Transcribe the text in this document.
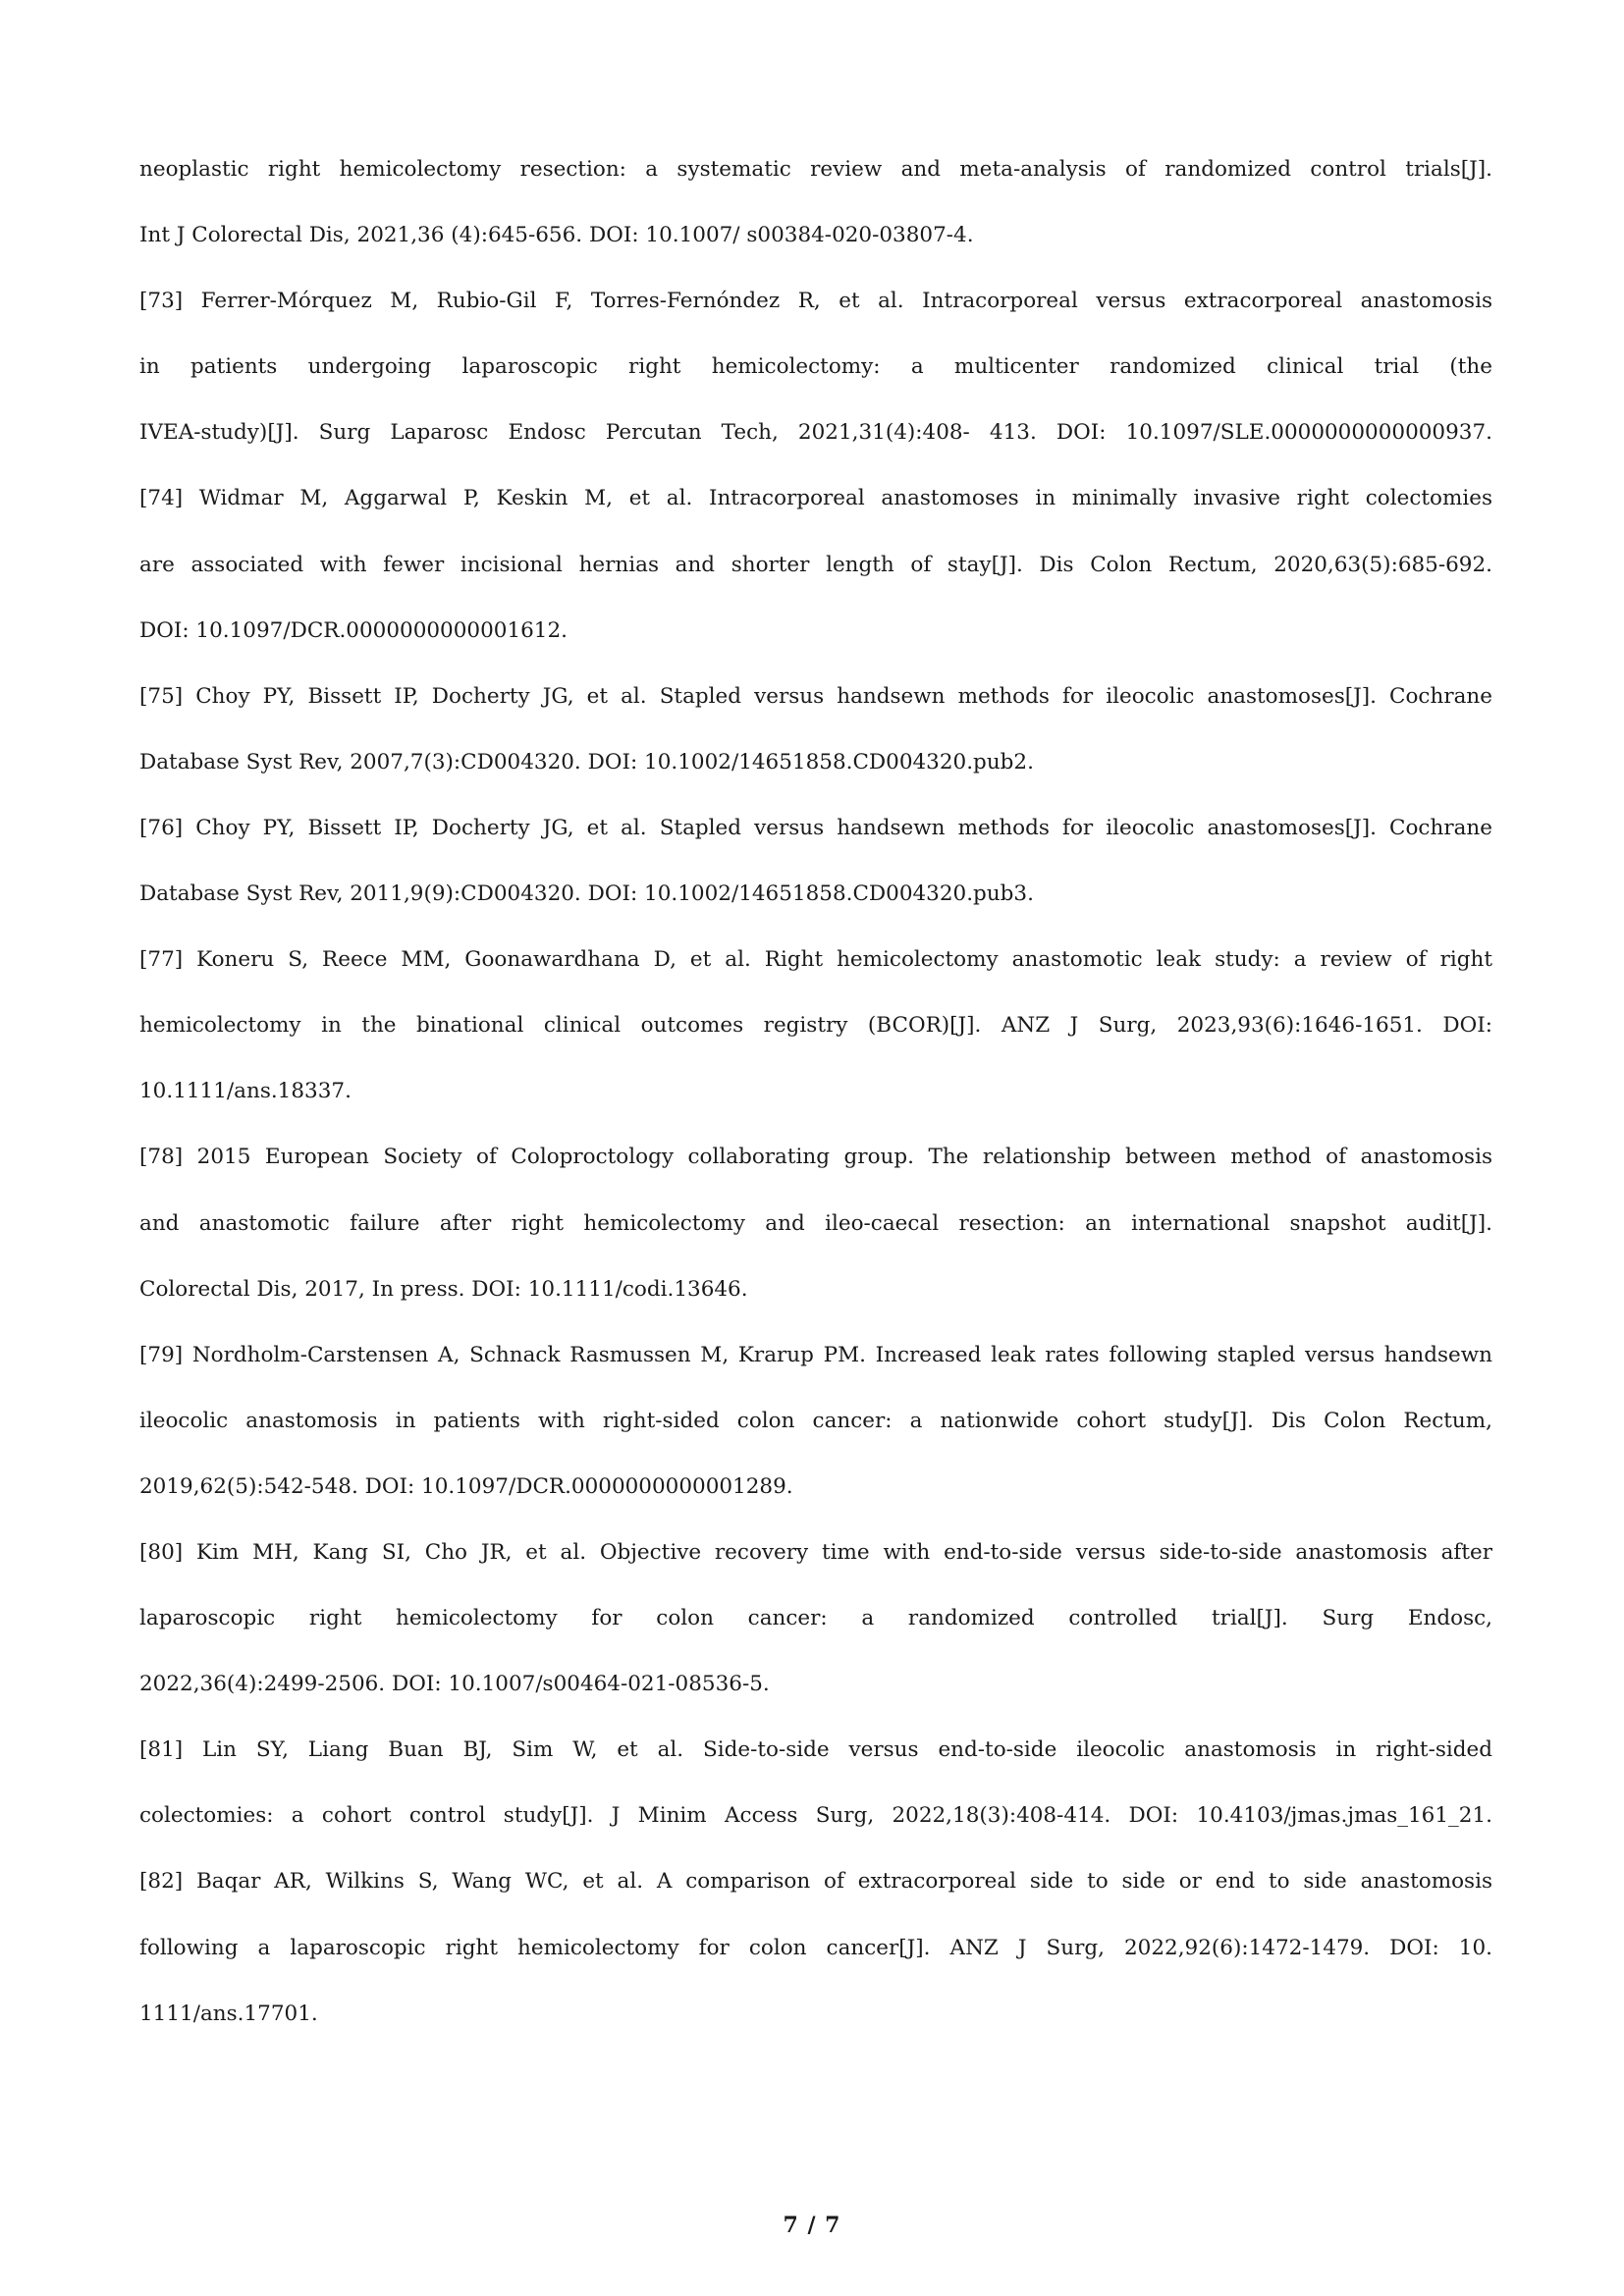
neoplastic right hemicolectomy resection: a systematic review and meta-analysis of randomized control trials[J].
Int J Colorectal Dis, 2021,36 (4):645-656. DOI: 10.1007/ s00384-020-03807-4.
[73] Ferrer-Mórquez M, Rubio-Gil F, Torres-Fernóndez R, et al. Intracorporeal versus extracorporeal anastomosis
in patients undergoing laparoscopic right hemicolectomy: a multicenter randomized clinical trial (the
IVEA-study)[J]. Surg Laparosc Endosc Percutan Tech, 2021,31(4):408- 413. DOI: 10.1097/SLE.0000000000000937.
[74] Widmar M, Aggarwal P, Keskin M, et al. Intracorporeal anastomoses in minimally invasive right colectomies
are associated with fewer incisional hernias and shorter length of stay[J]. Dis Colon Rectum, 2020,63(5):685-692.
DOI: 10.1097/DCR.0000000000001612.
[75] Choy PY, Bissett IP, Docherty JG, et al. Stapled versus handsewn methods for ileocolic anastomoses[J]. Cochrane
Database Syst Rev, 2007,7(3):CD004320. DOI: 10.1002/14651858.CD004320.pub2.
[76] Choy PY, Bissett IP, Docherty JG, et al. Stapled versus handsewn methods for ileocolic anastomoses[J]. Cochrane
Database Syst Rev, 2011,9(9):CD004320. DOI: 10.1002/14651858.CD004320.pub3.
[77] Koneru S, Reece MM, Goonawardhana D, et al. Right hemicolectomy anastomotic leak study: a review of right
hemicolectomy in the binational clinical outcomes registry (BCOR)[J]. ANZ J Surg, 2023,93(6):1646-1651. DOI:
10.1111/ans.18337.
[78] 2015 European Society of Coloproctology collaborating group. The relationship between method of anastomosis
and anastomotic failure after right hemicolectomy and ileo-caecal resection: an international snapshot audit[J].
Colorectal Dis, 2017, In press. DOI: 10.1111/codi.13646.
[79] Nordholm-Carstensen A, Schnack Rasmussen M, Krarup PM. Increased leak rates following stapled versus handsewn
ileocolic anastomosis in patients with right-sided colon cancer: a nationwide cohort study[J]. Dis Colon Rectum,
2019,62(5):542-548. DOI: 10.1097/DCR.0000000000001289.
[80] Kim MH, Kang SI, Cho JR, et al. Objective recovery time with end-to-side versus side-to-side anastomosis after
laparoscopic right hemicolectomy for colon cancer: a randomized controlled trial[J]. Surg Endosc,
2022,36(4):2499-2506. DOI: 10.1007/s00464-021-08536-5.
[81] Lin SY, Liang Buan BJ, Sim W, et al. Side-to-side versus end-to-side ileocolic anastomosis in right-sided
colectomies: a cohort control study[J]. J Minim Access Surg, 2022,18(3):408-414. DOI: 10.4103/jmas.jmas_161_21.
[82] Baqar AR, Wilkins S, Wang WC, et al. A comparison of extracorporeal side to side or end to side anastomosis
following a laparoscopic right hemicolectomy for colon cancer[J]. ANZ J Surg, 2022,92(6):1472-1479. DOI: 10.
1111/ans.17701.
7 / 7
